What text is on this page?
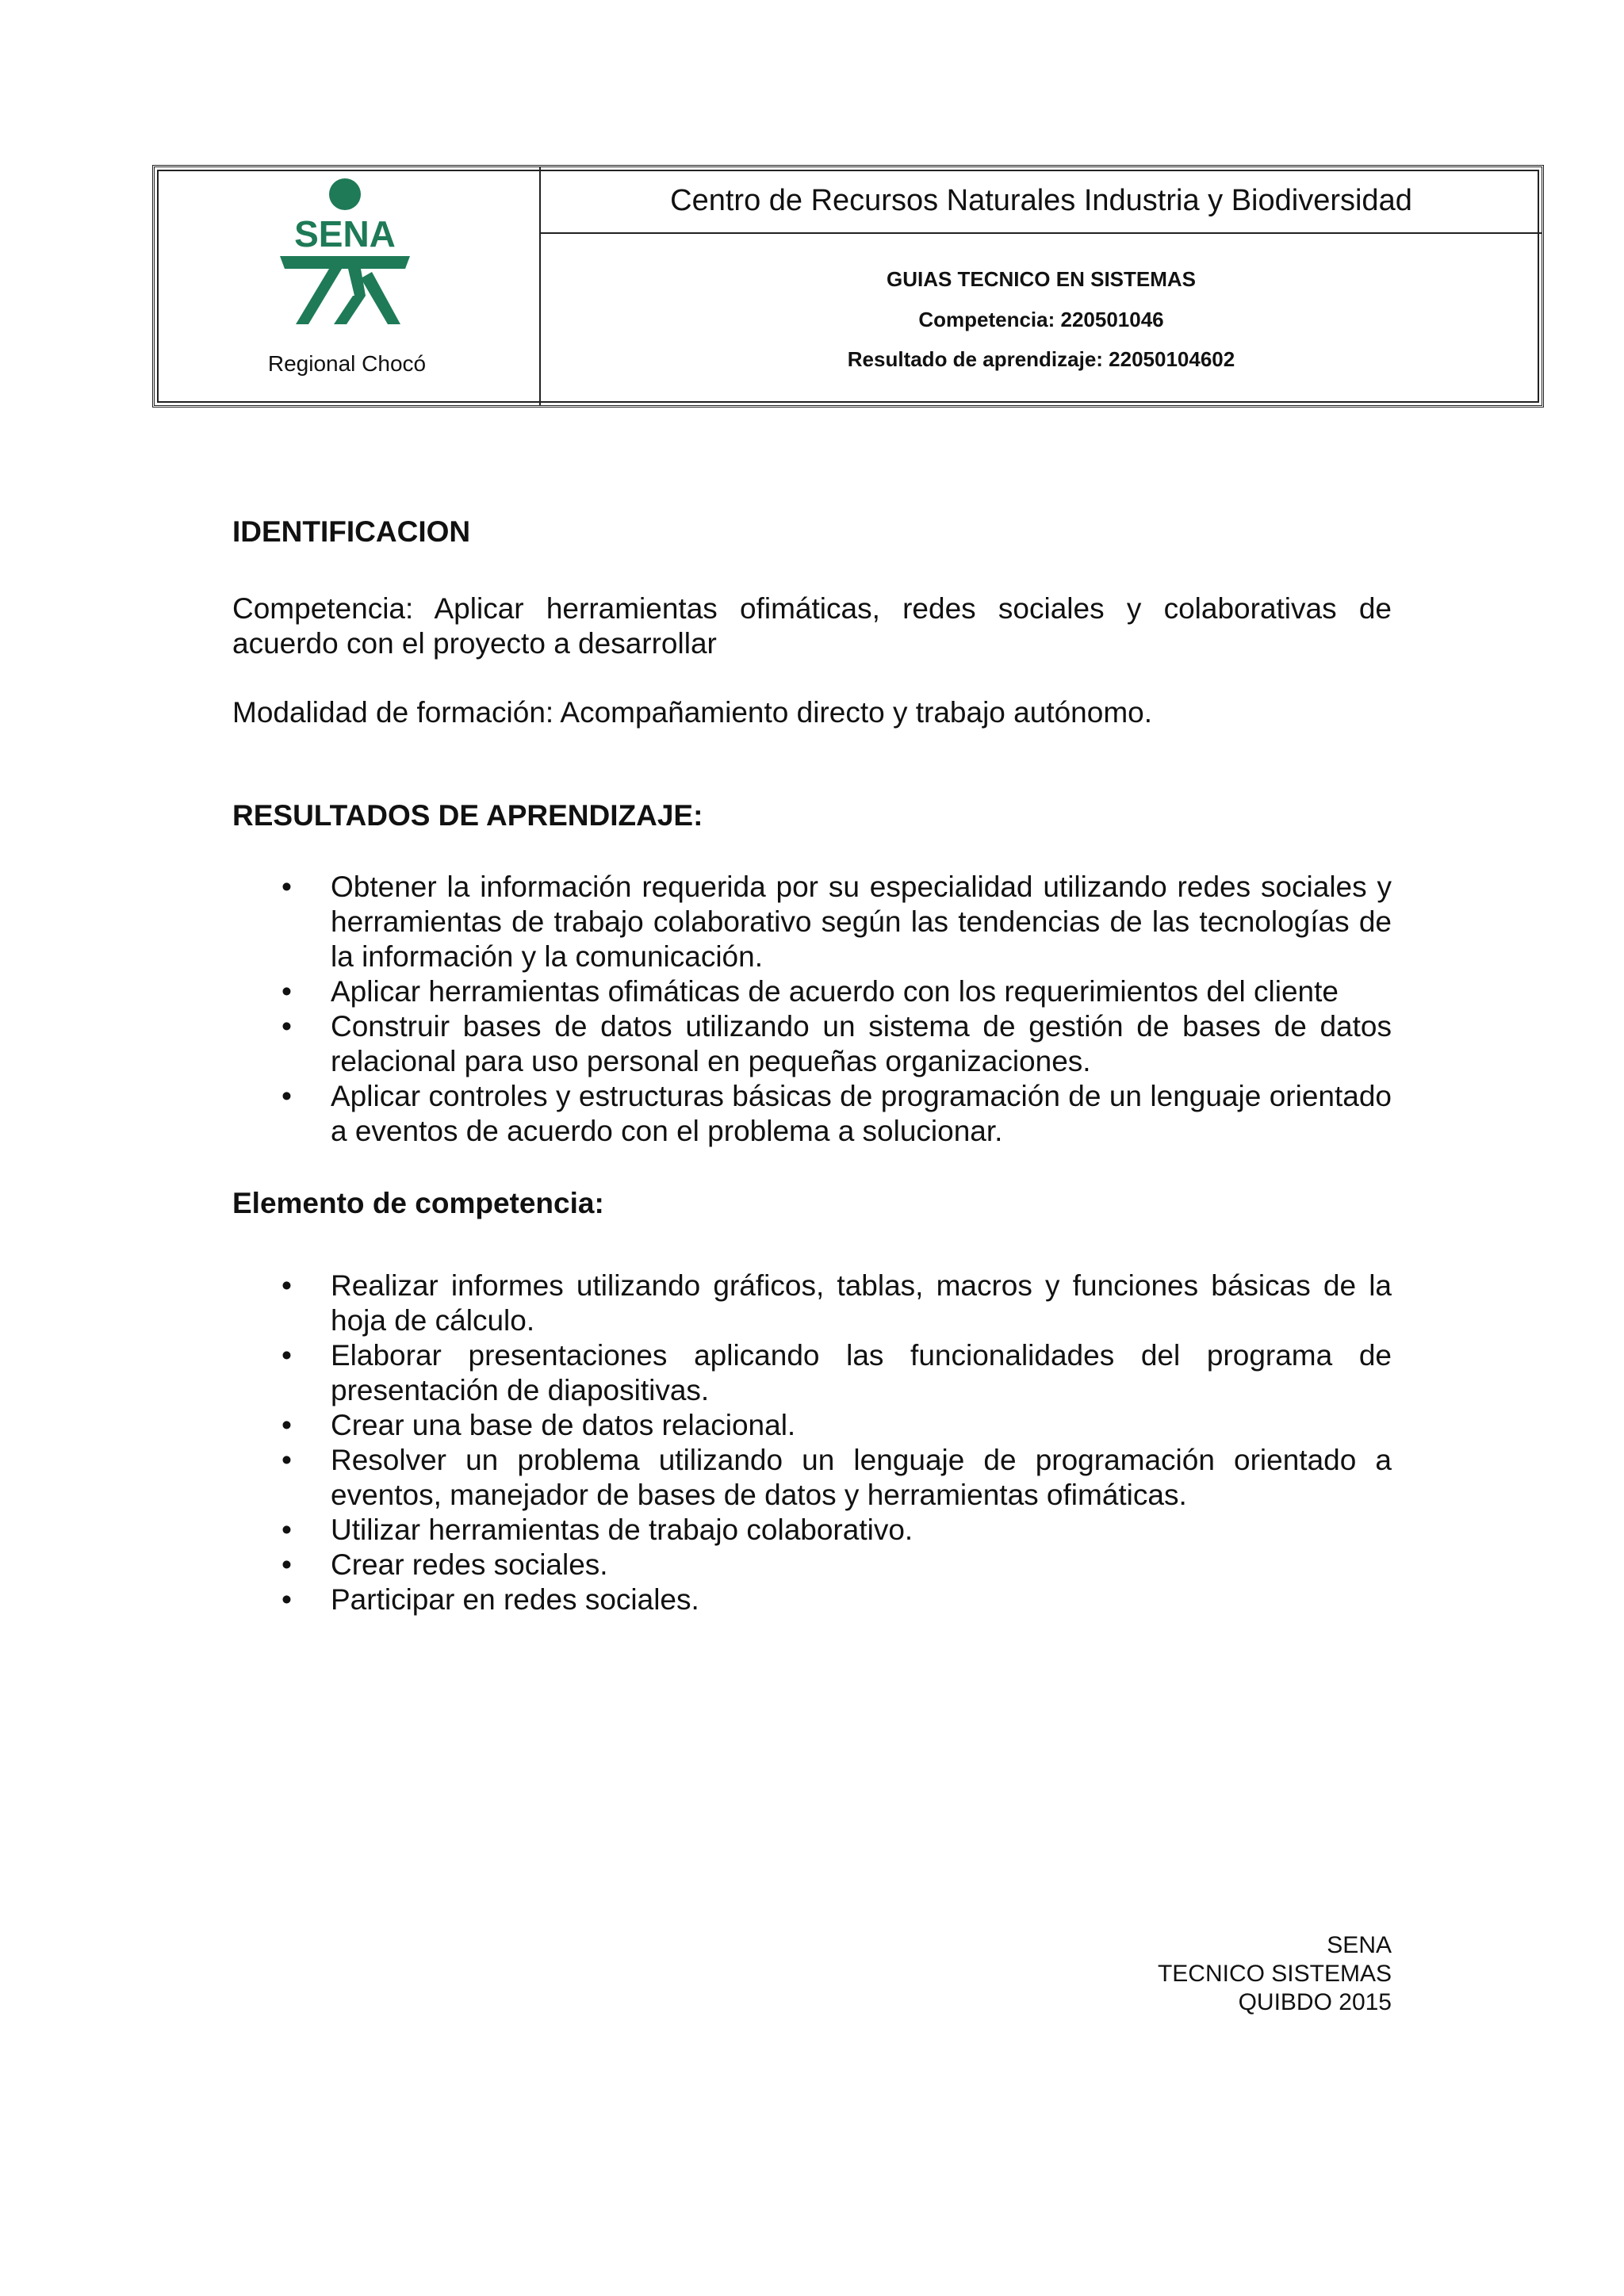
SENA
Regional Chocó
Centro de Recursos Naturales Industria y Biodiversidad
GUIAS TECNICO EN SISTEMAS
Competencia: 220501046
Resultado de aprendizaje: 22050104602
IDENTIFICACION

Competencia: Aplicar herramientas ofimáticas, redes sociales y colaborativas de acuerdo con el proyecto a desarrollar

Modalidad de formación: Acompañamiento directo y trabajo autónomo.

RESULTADOS DE APRENDIZAJE:
• Obtener la información requerida por su especialidad utilizando redes sociales y herramientas de trabajo colaborativo según las tendencias de las tecnologías de la información y la comunicación.
• Aplicar herramientas ofimáticas de acuerdo con los requerimientos del cliente
• Construir bases de datos utilizando un sistema de gestión de bases de datos relacional para uso personal en pequeñas organizaciones.
• Aplicar controles y estructuras básicas de programación de un lenguaje orientado a eventos de acuerdo con el problema a solucionar.
Elemento de competencia:
• Realizar informes utilizando gráficos, tablas, macros y funciones básicas de la hoja de cálculo.
• Elaborar presentaciones aplicando las funcionalidades del programa de presentación de diapositivas.
• Crear una base de datos relacional.
• Resolver un problema utilizando un lenguaje de programación orientado a eventos, manejador de bases de datos y herramientas ofimáticas.
• Utilizar herramientas de trabajo colaborativo.
• Crear redes sociales.
• Participar en redes sociales.
SENA
TECNICO SISTEMAS
QUIBDO 2015
